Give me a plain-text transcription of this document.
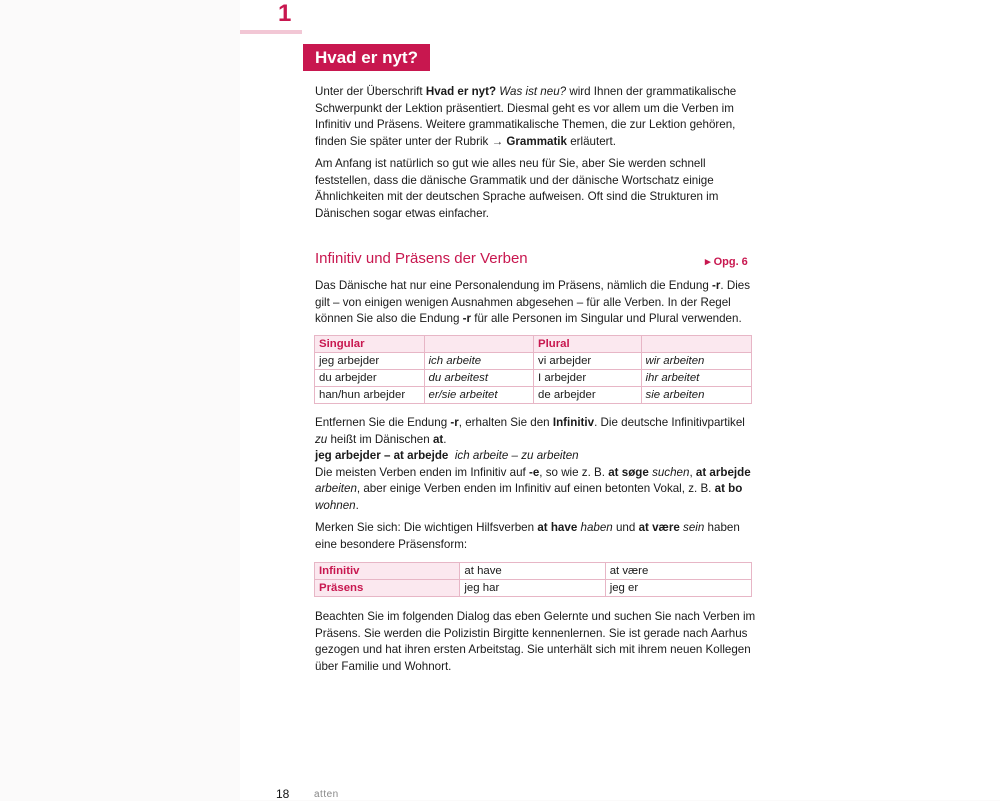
1
Hvad er nyt?

Unter der Überschrift Hvad er nyt? Was ist neu? wird Ihnen der grammatikalische Schwerpunkt der Lektion präsentiert. Diesmal geht es vor allem um die Verben im Infinitiv und Präsens. Weitere grammatikalische Themen, die zur Lektion gehören, finden Sie später unter der Rubrik → Grammatik erläutert.

Am Anfang ist natürlich so gut wie alles neu für Sie, aber Sie werden schnell feststellen, dass die dänische Grammatik und der dänische Wortschatz einige Ähnlichkeiten mit der deutschen Sprache aufweisen. Oft sind die Strukturen im Dänischen sogar etwas einfacher.

Infinitiv und Präsens der Verben	▸ Opg. 6

Das Dänische hat nur eine Personalendung im Präsens, nämlich die Endung -r. Dies gilt – von einigen wenigen Ausnahmen abgesehen – für alle Verben. In der Regel können Sie also die Endung -r für alle Personen im Singular und Plural verwenden.

Singular		Plural	
jeg arbejder	ich arbeite	vi arbejder	wir arbeiten
du arbejder	du arbeitest	I arbejder	ihr arbeitet
han/hun arbejder	er/sie arbeitet	de arbejder	sie arbeiten

Entfernen Sie die Endung -r, erhalten Sie den Infinitiv. Die deutsche Infinitivpartikel zu heißt im Dänischen at.
jeg arbejder – at arbejde ich arbeite – zu arbeiten
Die meisten Verben enden im Infinitiv auf -e, so wie z. B. at søge suchen, at arbejde arbeiten, aber einige Verben enden im Infinitiv auf einen betonten Vokal, z. B. at bo wohnen.

Merken Sie sich: Die wichtigen Hilfsverben at have haben und at være sein haben eine besondere Präsensform:

Infinitiv	at have	at være
Präsens	jeg har	jeg er

Beachten Sie im folgenden Dialog das eben Gelernte und suchen Sie nach Verben im Präsens. Sie werden die Polizistin Birgitte kennenlernen. Sie ist gerade nach Aarhus gezogen und hat ihren ersten Arbeitstag. Sie unterhält sich mit ihrem neuen Kollegen über Familie und Wohnort.

18 atten
